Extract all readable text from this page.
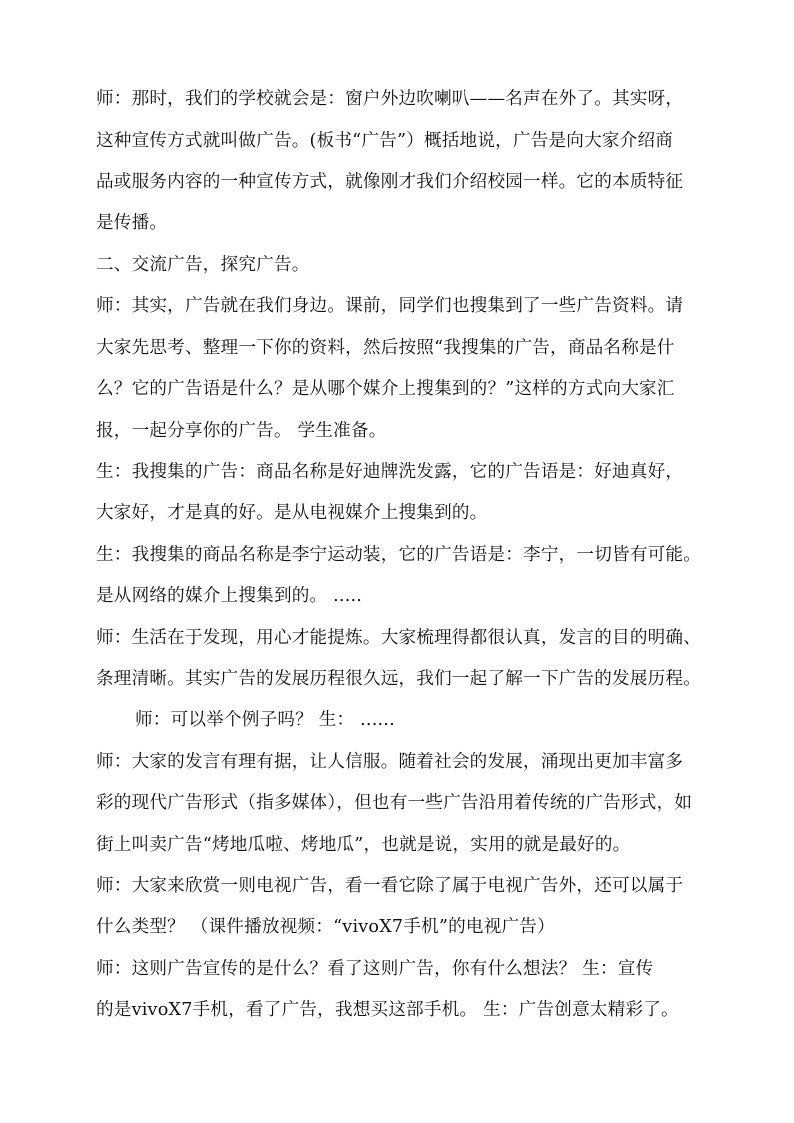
师：那时，我们的学校就会是：窗户外边吹喇叭——名声在外了。其实呀，
这种宣传方式就叫做广告。(板书“广告”）概括地说，广告是向大家介绍商
品或服务内容的一种宣传方式，就像刚才我们介绍校园一样。它的本质特征
是传播。
二、交流广告，探究广告。
师：其实，广告就在我们身边。课前，同学们也搜集到了一些广告资料。请
大家先思考、整理一下你的资料，然后按照“我搜集的广告，商品名称是什
么？它的广告语是什么？是从哪个媒介上搜集到的？”这样的方式向大家汇
报，一起分享你的广告。 学生准备。
生：我搜集的广告：商品名称是好迪牌洗发露，它的广告语是：好迪真好，
大家好，才是真的好。是从电视媒介上搜集到的。
生：我搜集的商品名称是李宁运动装，它的广告语是：李宁，一切皆有可能。
是从网络的媒介上搜集到的。 .....
师：生活在于发现，用心才能提炼。大家梳理得都很认真，发言的目的明确、
条理清晰。其实广告的发展历程很久远，我们一起了解一下广告的发展历程。
师：可以举个例子吗？ 生： ......
师：大家的发言有理有据，让人信服。随着社会的发展，涌现出更加丰富多
彩的现代广告形式（指多媒体），但也有一些广告沿用着传统的广告形式，如
街上叫卖广告“烤地瓜啦、烤地瓜”，也就是说，实用的就是最好的。
师：大家来欣赏一则电视广告，看一看它除了属于电视广告外，还可以属于
什么类型？ （课件播放视频：“vivoX7手机”的电视广告）
师：这则广告宣传的是什么？看了这则广告，你有什么想法？ 生：宣传
的是vivoX7手机，看了广告，我想买这部手机。 生：广告创意太精彩了。
